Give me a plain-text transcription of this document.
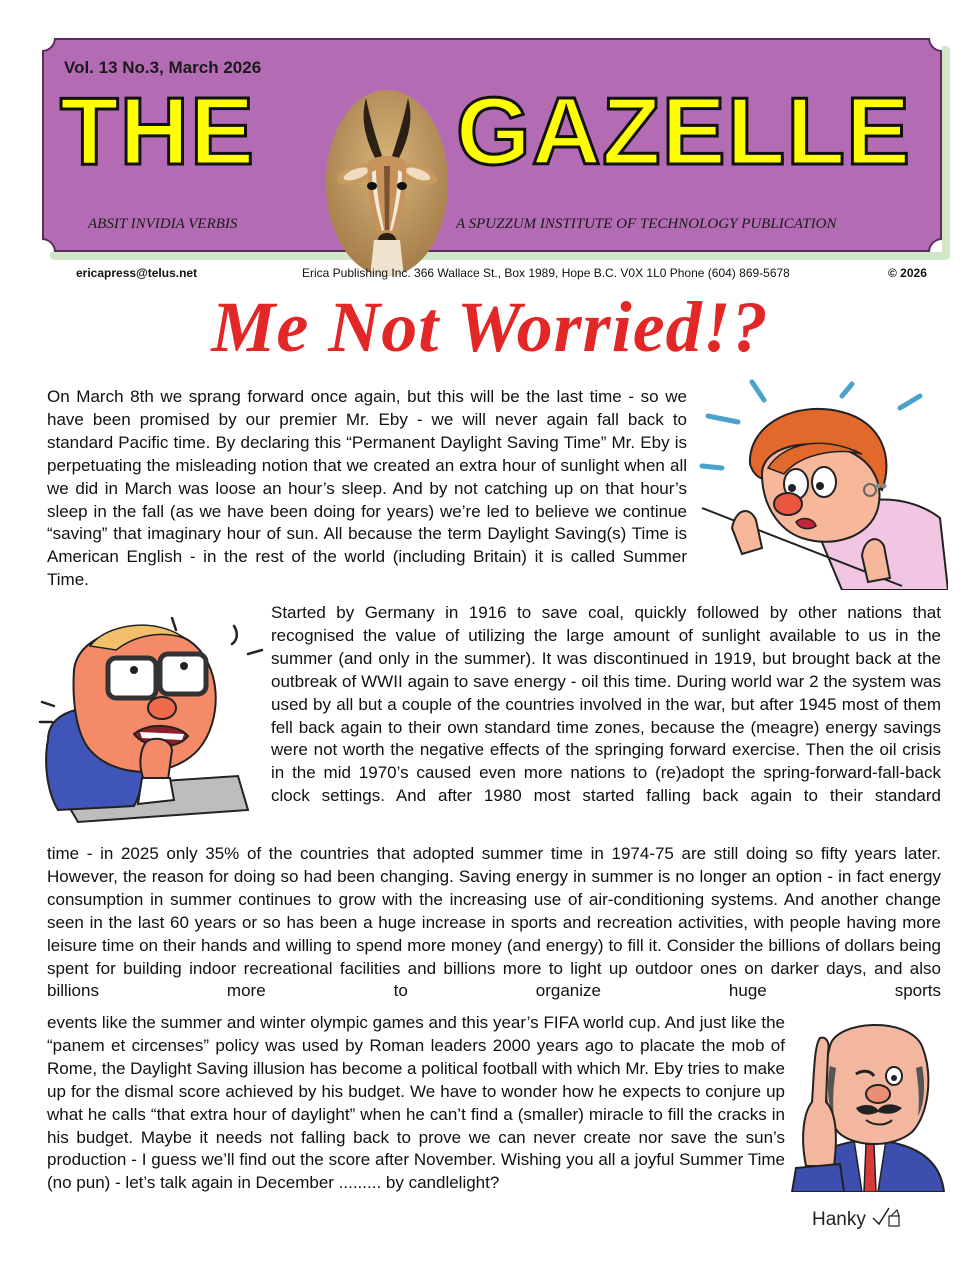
Vol. 13 No.3, March 2026
THE GAZELLE
ABSIT INVIDIA VERBIS	A SPUZZUM INSTITUTE OF TECHNOLOGY PUBLICATION
ericapress@telus.net	Erica Publishing Inc. 366 Wallace St., Box 1989, Hope B.C. V0X 1L0 Phone (604) 869-5678	© 2026
Me Not Worried!?
On March 8th we sprang forward once again, but this will be the last time - so we have been promised by our premier Mr. Eby - we will never again fall back to standard Pacific time. By declaring this “Permanent Daylight Saving Time” Mr. Eby is perpetuating the misleading notion that we created an extra hour of sunlight when all we did in March was loose an hour’s sleep. And by not catching up on that hour’s sleep in the fall (as we have been doing for years) we’re led to believe we continue “saving” that imaginary hour of sun. All because the term Daylight Saving(s) Time is American English - in the rest of the world (including Britain) it is called Summer Time.
Started by Germany in 1916 to save coal, quickly followed by other nations that recognised the value of utilizing the large amount of sunlight available to us in the summer (and only in the summer). It was discontinued in 1919, but brought back at the outbreak of WWII again to save energy - oil this time. During world war 2 the system was used by all but a couple of the countries involved in the war, but after 1945 most of them fell back again to their own standard time zones, because the (meagre) energy savings were not worth the negative effects of the springing forward exercise. Then the oil crisis in the mid 1970’s caused even more nations to (re)adopt the spring-forward-fall-back clock settings. And after 1980 most started falling back again to their standard
time - in 2025 only 35% of the countries that adopted summer time in 1974-75 are still doing so fifty years later. However, the reason for doing so had been changing. Saving energy in summer is no longer an option - in fact energy consumption in summer continues to grow with the increasing use of air-conditioning systems. And another change seen in the last 60 years or so has been a huge increase in sports and recreation activities, with people having more leisure time on their hands and willing to spend more money (and energy) to fill it. Consider the billions of dollars being spent for building indoor recreational facilities and billions more to light up outdoor ones on darker days, and also billions more to organize huge sports
events like the summer and winter olympic games and this year’s FIFA world cup. And just like the “panem et circenses” policy was used by Roman leaders 2000 years ago to placate the mob of Rome, the Daylight Saving illusion has become a political football with which Mr. Eby tries to make up for the dismal score achieved by his budget. We have to wonder how he expects to conjure up what he calls “that extra hour of daylight” when he can’t find a (smaller) miracle to fill the cracks in his budget. Maybe it needs not falling back to prove we can never create nor save the sun’s production - I guess we’ll find out the score after November. Wishing you all a joyful Summer Time (no pun) - let’s talk again in December ......... by candlelight?
Hanky
